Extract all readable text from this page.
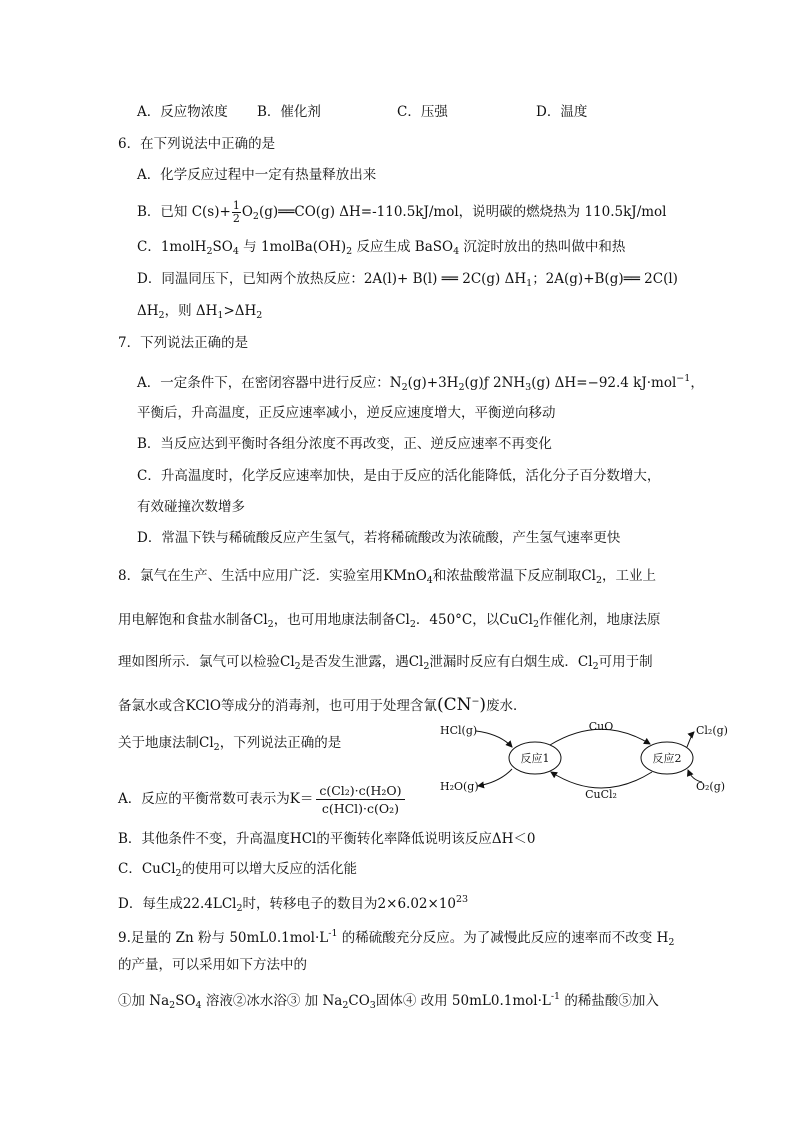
A．反应物浓度 B．催化剂	C．压强	D．温度
6．在下列说法中正确的是
A．化学反应过程中一定有热量释放出来
B．已知 $C(s)+ \frac{1}{2}$ $O_2(g)══CO(g)$ ΔH=-110.5kJ/mol，说明碳的燃烧热为 110.5kJ/mol
C．$1molH_2SO_4$ 与 $1molBa(OH)_2$ 反应生成 BaSO$_4$ 沉淀时放出的热叫做中和热
D．同温同压下，已知两个放热反应：2A(l)+ B(l) ══ 2C(g) $\Delta H_1$；2A(g)+B(g)══ 2C(l)
$\Delta H_2$，则 $\Delta H_1>\Delta H_2$
7．下列说法正确的是
A．一定条件下，在密闭容器中进行反应：$N_2(g)+3H_2(g)ƒ$ $2NH_3(g)$ ΔH=−92.4 kJ·mol$^{-1}$，
平衡后，升高温度，正反应速率减小，逆反应速度增大，平衡逆向移动
B．当反应达到平衡时各组分浓度不再改变，正、逆反应速率不再变化
C．升高温度时，化学反应速率加快，是由于反应的活化能降低，活化分子百分数增大，
有效碰撞次数增多
D．常温下铁与稀硫酸反应产生氢气，若将稀硫酸改为浓硫酸，产生氢气速率更快
8．氯气在生产、生活中应用广泛．实验室用KMnO$_4$和浓盐酸常温下反应制取$Cl_2$，工业上
用电解饱和食盐水制备$Cl_2$，也可用地康法制备$Cl_2$．450°C，以CuCl$_2$作催化剂，地康法原
理如图所示．氯气可以检验$Cl_2$是否发生泄露，遇$Cl_2$泄漏时反应有白烟生成．$Cl_2$可用于制
备氯水或含KClO等成分的消毒剂，也可用于处理含氰(CN−)废水．
关于地康法制$Cl_2$，下列说法正确的是
反应1	反应2
HCl(g)
H₂O(g)
CuO
CuCl₂
Cl₂(g)
O₂(g)
A．反应的平衡常数可表示为K＝
c(Cl₂)·c(H₂O)
c(HCl)·c(O₂)
B．其他条件不变，升高温度HCl的平衡转化率降低说明该反应ΔH＜0
C．CuCl$_2$的使用可以增大反应的活化能
D．每生成22.4LCl$_2$时，转移电子的数目为$2\times 6.02\times 10^{23}$
9.足量的 Zn 粉与 $50mL0.1mol\cdot L^{-1}$ 的稀硫酸充分反应。为了减慢此反应的速率而不改变 $H_2$
的产量，可以采用如下方法中的
①加 $Na_2SO_4$ 溶液②冰水浴③ 加 $Na_2CO_3$固体④ 改用 $50mL0.1mol\cdot L^{-1}$ 的稀盐酸⑤加入
